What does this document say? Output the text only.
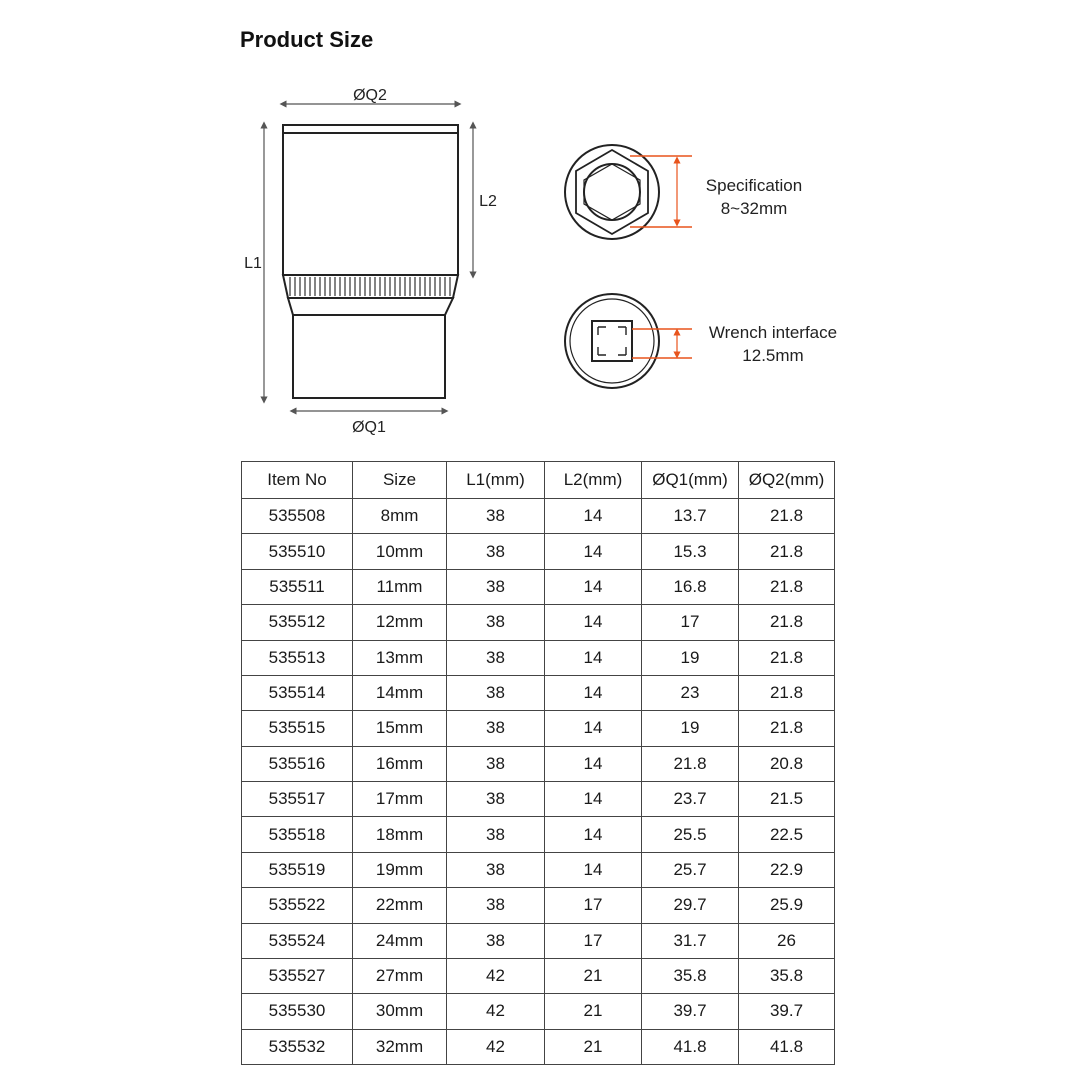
Product Size
ØQ2
L1
L2
ØQ1
Specification
8~32mm
Wrench interface
12.5mm
Item No	Size	L1(mm)	L2(mm)	ØQ1(mm)	ØQ2(mm)
535508	8mm	38	14	13.7	21.8
535510	10mm	38	14	15.3	21.8
535511	11mm	38	14	16.8	21.8
535512	12mm	38	14	17	21.8
535513	13mm	38	14	19	21.8
535514	14mm	38	14	23	21.8
535515	15mm	38	14	19	21.8
535516	16mm	38	14	21.8	20.8
535517	17mm	38	14	23.7	21.5
535518	18mm	38	14	25.5	22.5
535519	19mm	38	14	25.7	22.9
535522	22mm	38	17	29.7	25.9
535524	24mm	38	17	31.7	26
535527	27mm	42	21	35.8	35.8
535530	30mm	42	21	39.7	39.7
535532	32mm	42	21	41.8	41.8
